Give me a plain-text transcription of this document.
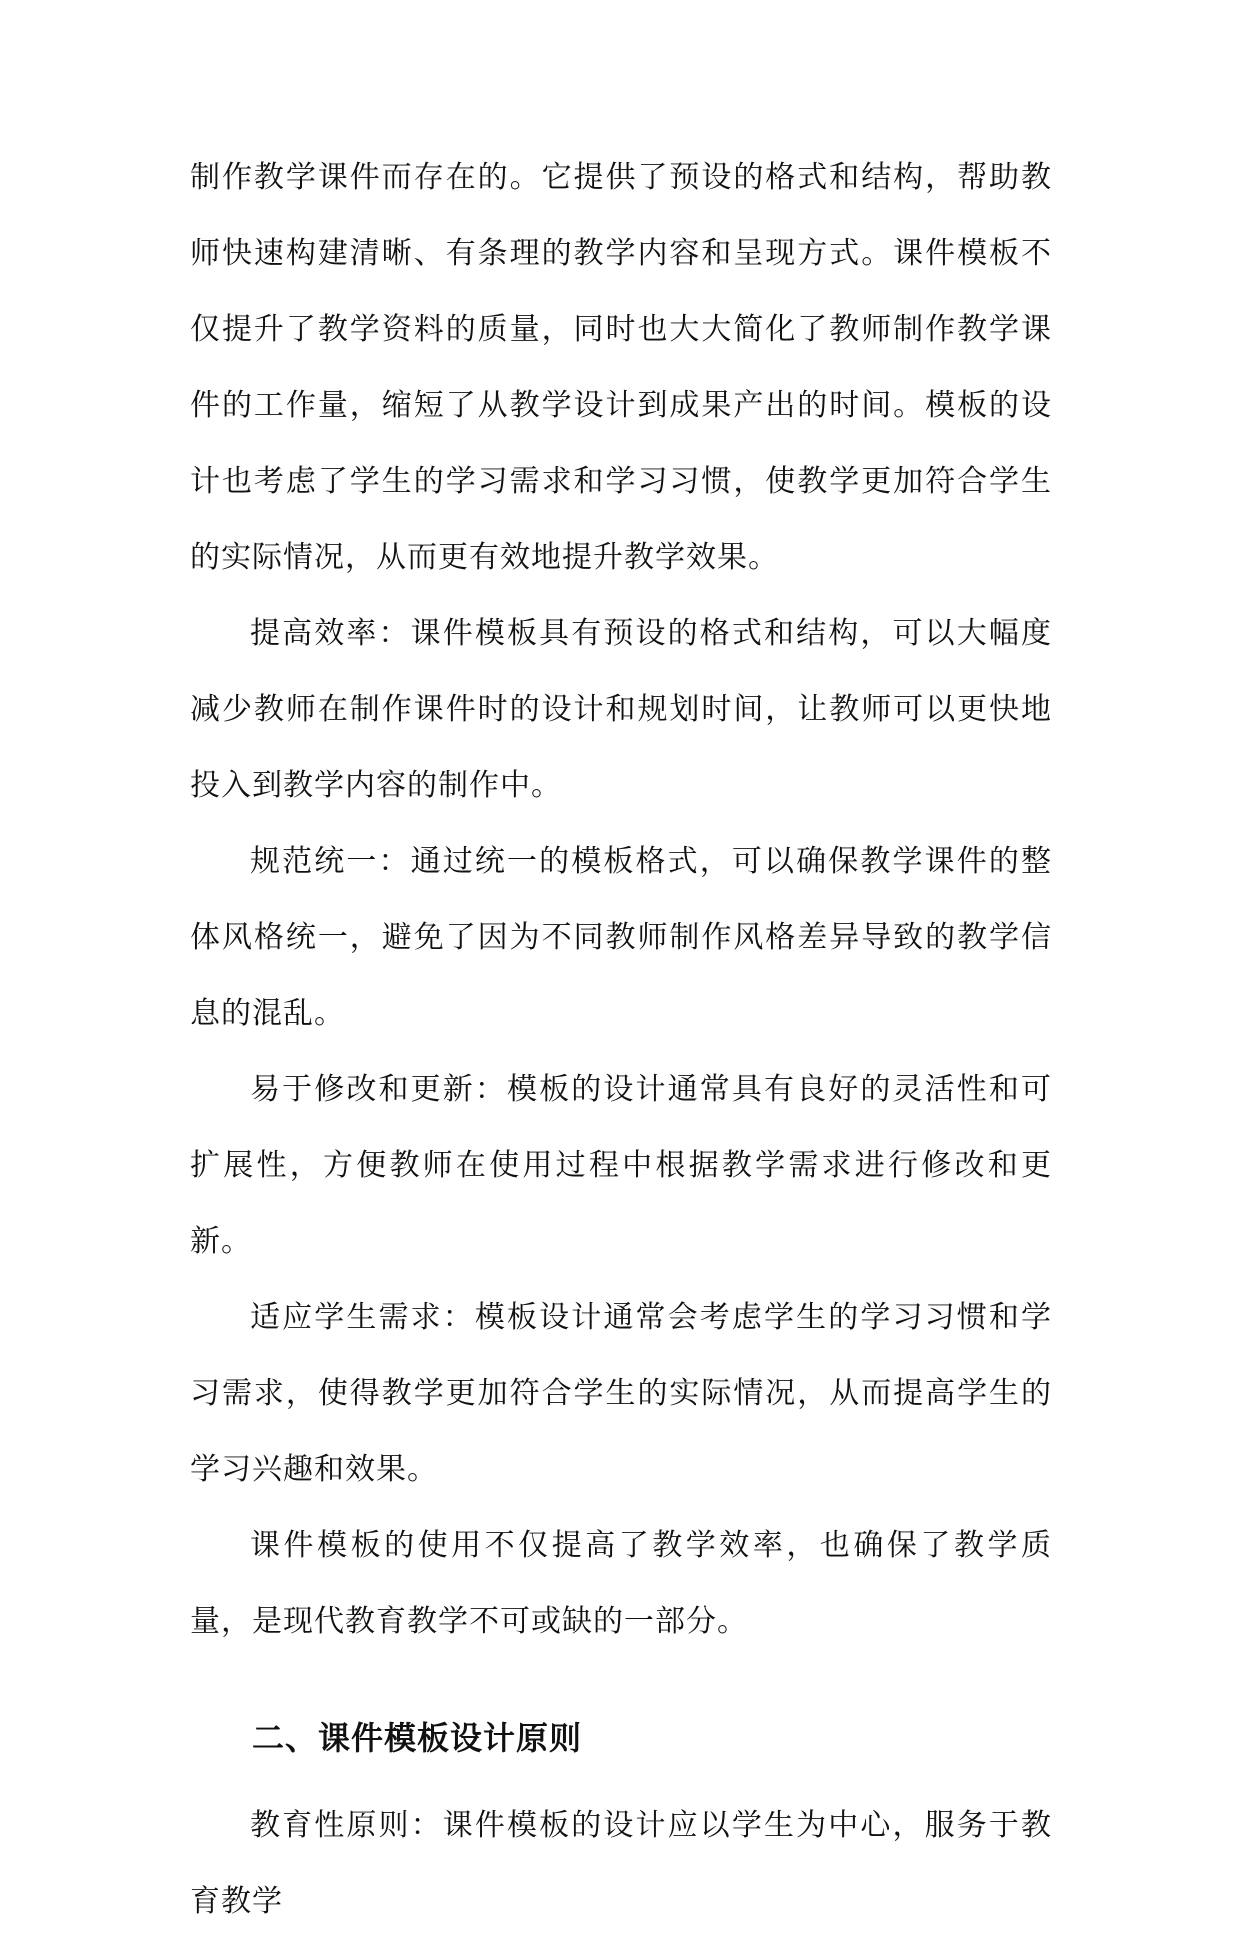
制作教学课件而存在的。它提供了预设的格式和结构，帮助教师快速构建清晰、有条理的教学内容和呈现方式。课件模板不仅提升了教学资料的质量，同时也大大简化了教师制作教学课件的工作量，缩短了从教学设计到成果产出的时间。模板的设计也考虑了学生的学习需求和学习习惯，使教学更加符合学生的实际情况，从而更有效地提升教学效果。

提高效率：课件模板具有预设的格式和结构，可以大幅度减少教师在制作课件时的设计和规划时间，让教师可以更快地投入到教学内容的制作中。

规范统一：通过统一的模板格式，可以确保教学课件的整体风格统一，避免了因为不同教师制作风格差异导致的教学信息的混乱。

易于修改和更新：模板的设计通常具有良好的灵活性和可扩展性，方便教师在使用过程中根据教学需求进行修改和更新。

适应学生需求：模板设计通常会考虑学生的学习习惯和学习需求，使得教学更加符合学生的实际情况，从而提高学生的学习兴趣和效果。

课件模板的使用不仅提高了教学效率，也确保了教学质量，是现代教育教学不可或缺的一部分。

二、课件模板设计原则

教育性原则：课件模板的设计应以学生为中心，服务于教育教学
